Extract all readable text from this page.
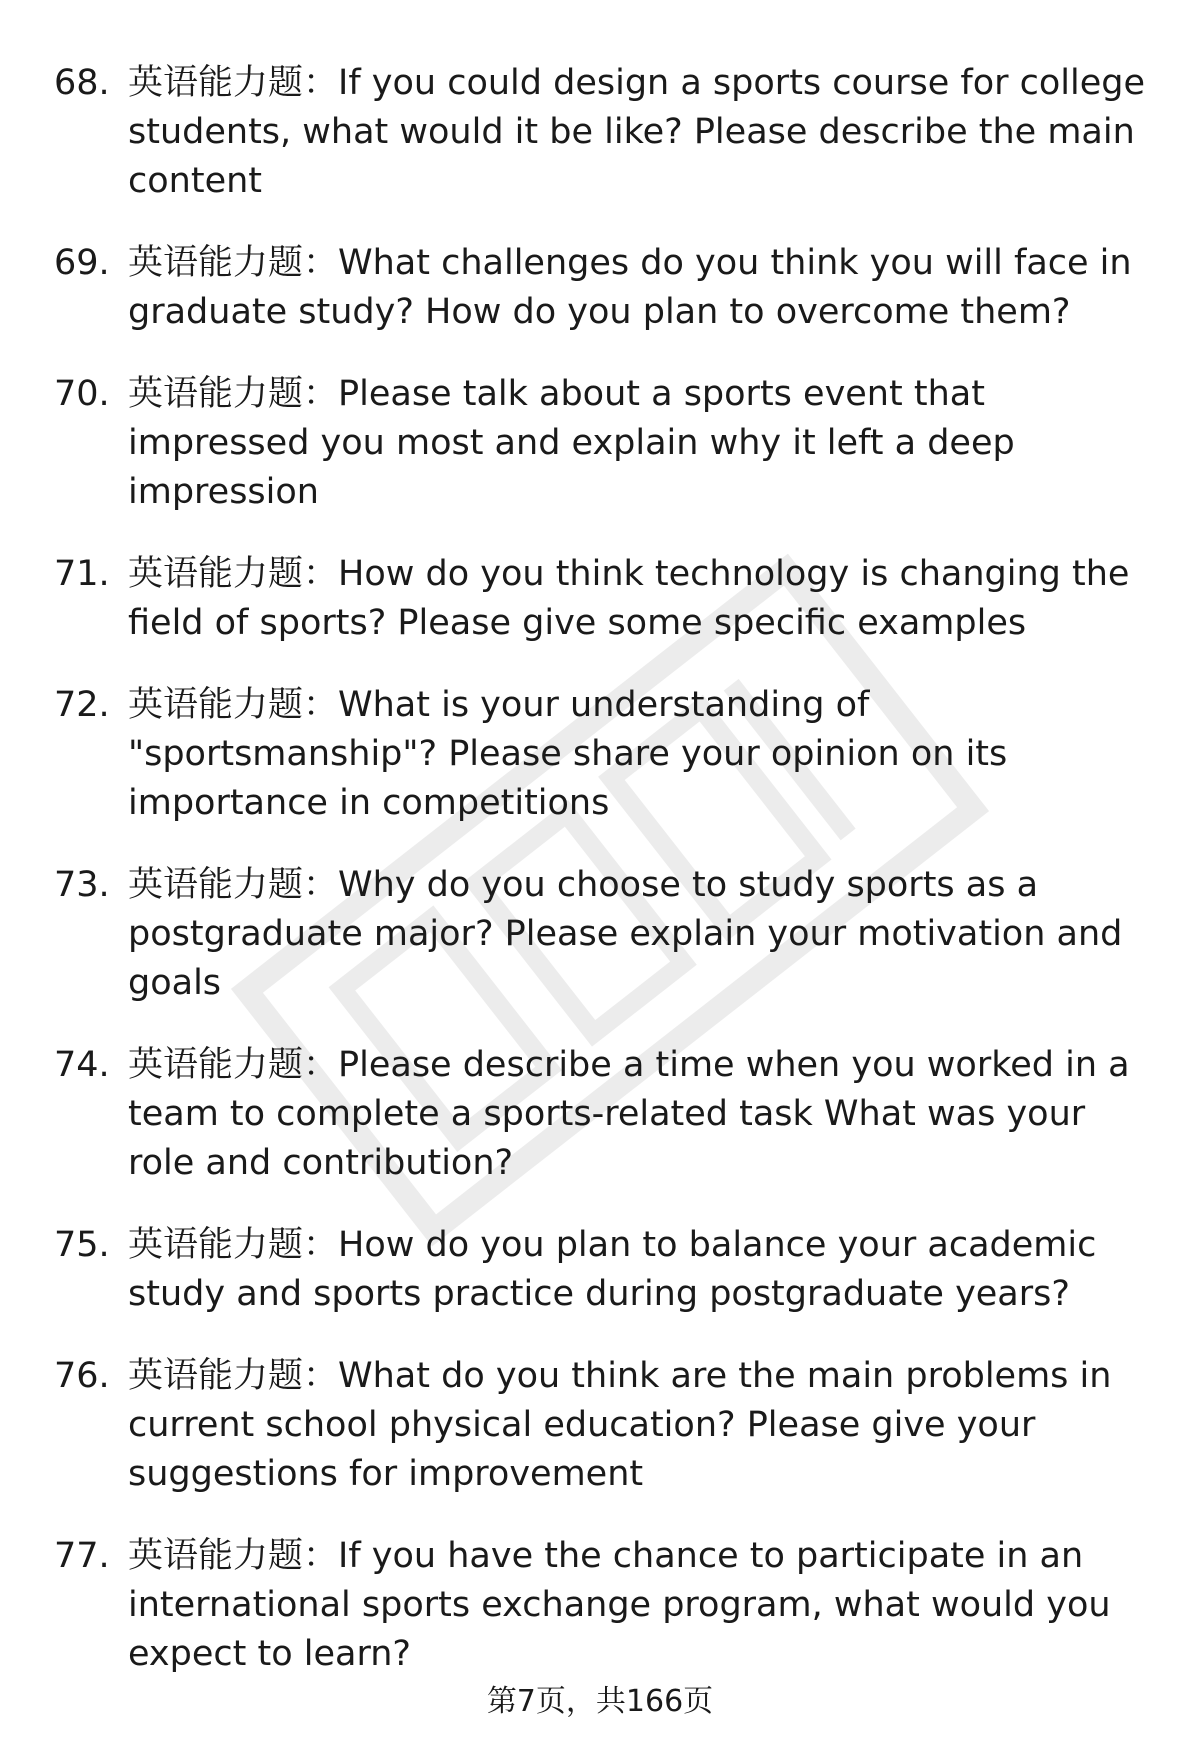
68. 英语能力题：If you could design a sports course for college students, what would it be like? Please describe the main content
69. 英语能力题：What challenges do you think you will face in graduate study? How do you plan to overcome them?
70. 英语能力题：Please talk about a sports event that impressed you most and explain why it left a deep impression
71. 英语能力题：How do you think technology is changing the field of sports? Please give some specific examples
72. 英语能力题：What is your understanding of "sportsmanship"? Please share your opinion on its importance in competitions
73. 英语能力题：Why do you choose to study sports as a postgraduate major? Please explain your motivation and goals
74. 英语能力题：Please describe a time when you worked in a team to complete a sports-related task What was your role and contribution?
75. 英语能力题：How do you plan to balance your academic study and sports practice during postgraduate years?
76. 英语能力题：What do you think are the main problems in current school physical education? Please give your suggestions for improvement
77. 英语能力题：If you have the chance to participate in an international sports exchange program, what would you expect to learn?
第7页，共166页
